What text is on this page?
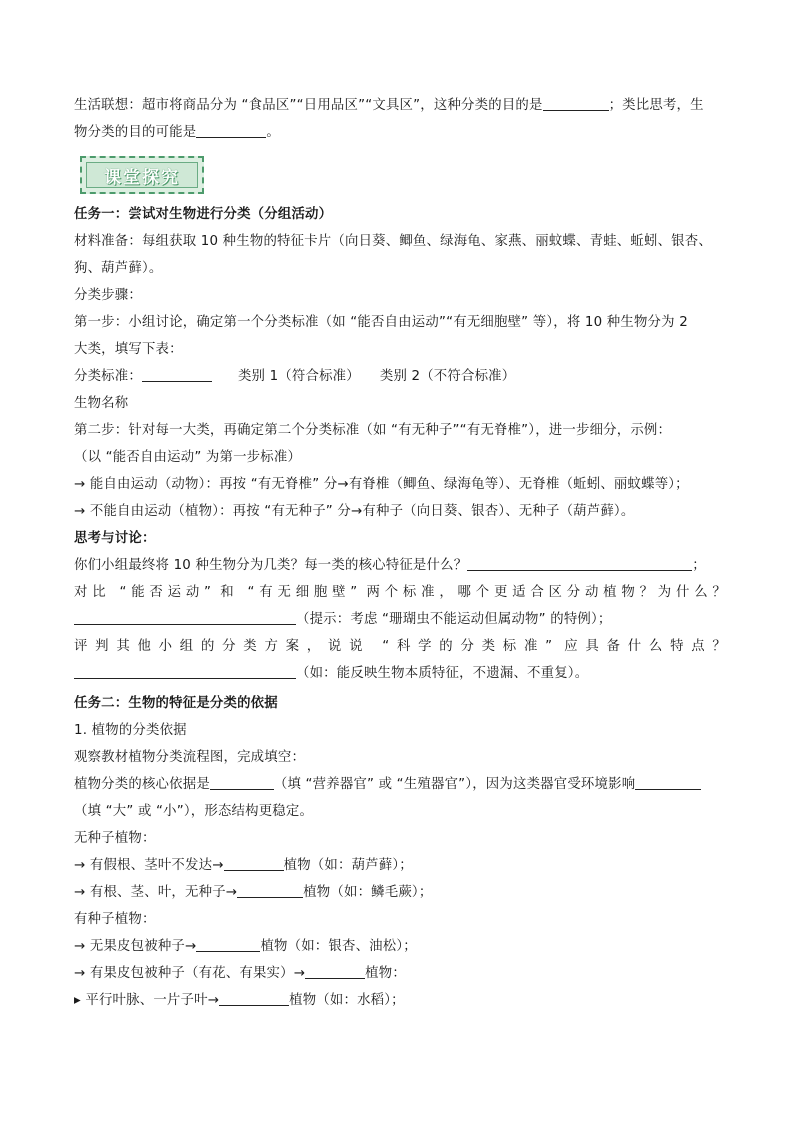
生活联想：超市将商品分为 “食品区”“日用品区”“文具区”，这种分类的目的是	；类比思考，生
物分类的目的可能是	。
课堂探究
任务一：尝试对生物进行分类（分组活动）
材料准备：每组获取 10 种生物的特征卡片（向日葵、鲫鱼、绿海龟、家燕、丽蚊蝶、青蛙、蚯蚓、银杏、
狗、葫芦藓）。
分类步骤：
第一步：小组讨论，确定第一个分类标准（如 “能否自由运动”“有无细胞壁” 等），将 10 种生物分为 2
大类，填写下表：
分类标准：	类别 1（符合标准） 类别 2（不符合标准）
生物名称
第二步：针对每一大类，再确定第二个分类标准（如 “有无种子”“有无脊椎”），进一步细分，示例：
（以 “能否自由运动” 为第一步标准）
→ 能自由运动（动物）：再按 “有无脊椎” 分→有脊椎（鲫鱼、绿海龟等）、无脊椎（蚯蚓、丽蚊蝶等）；
→ 不能自由运动（植物）：再按 “有无种子” 分→有种子（向日葵、银杏）、无种子（葫芦藓）。
思考与讨论：
你们小组最终将 10 种生物分为几类？每一类的核心特征是什么？	；
对比 “能否运动” 和 “有无细胞壁” 两个标准，哪个更适合区分动植物？为什么？
（提示：考虑 “珊瑚虫不能运动但属动物” 的特例）；
评判其他小组的分类方案，说说 “科学的分类标准” 应具备什么特点？
（如：能反映生物本质特征，不遗漏、不重复）。
任务二：生物的特征是分类的依据
1. 植物的分类依据
观察教材植物分类流程图，完成填空：
植物分类的核心依据是	（填 “营养器官” 或 “生殖器官”），因为这类器官受环境影响
（填 “大” 或 “小”），形态结构更稳定。
无种子植物：
→ 有假根、茎叶不发达→	植物（如：葫芦藓）；
→ 有根、茎、叶，无种子→	植物（如：鳞毛蕨）；
有种子植物：
→ 无果皮包被种子→	植物（如：银杏、油松）；
→ 有果皮包被种子（有花、有果实）→	植物：
▸ 平行叶脉、一片子叶→	植物（如：水稻）；
